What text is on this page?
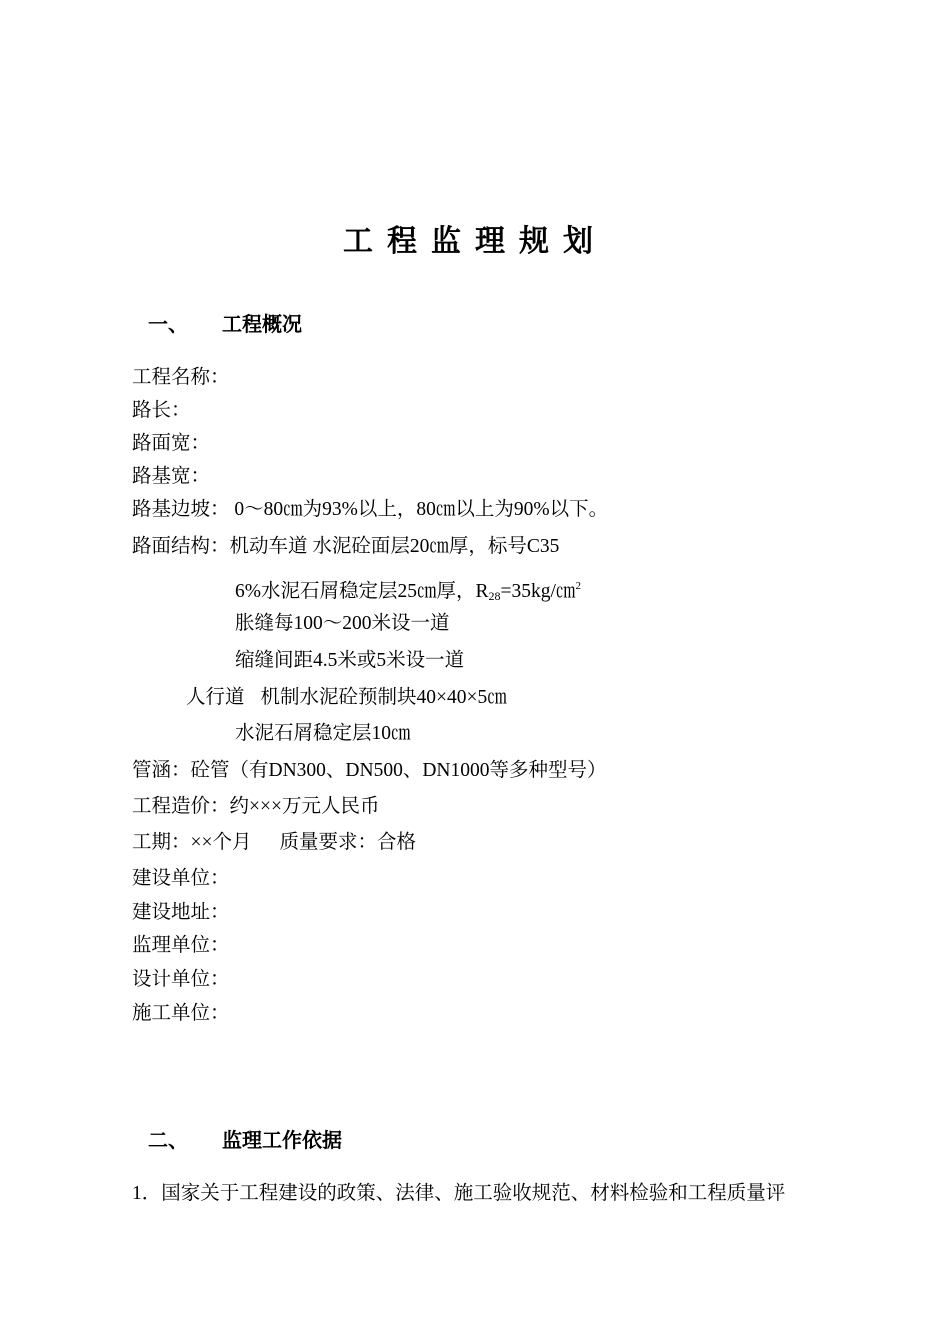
工程监理规划
一、 工程概况
工程名称：
路长：
路面宽：
路基宽：
路基边坡： 0～80㎝为93%以上，80㎝以上为90%以下。
路面结构：机动车道 水泥砼面层20㎝厚，标号C35
6%水泥石屑稳定层25㎝厚，$R_{28}=35kg/㎝^2$
胀缝每100～200米设一道
缩缝间距4.5米或5米设一道
人行道 机制水泥砼预制块40×40×5㎝
水泥石屑稳定层10㎝
管涵：砼管（有DN300、DN500、DN1000等多种型号）
工程造价：约×××万元人民币
工期：××个月 质量要求：合格
建设单位：
建设地址：
监理单位：
设计单位：
施工单位：
二、 监理工作依据
1．国家关于工程建设的政策、法律、施工验收规范、材料检验和工程质量评
